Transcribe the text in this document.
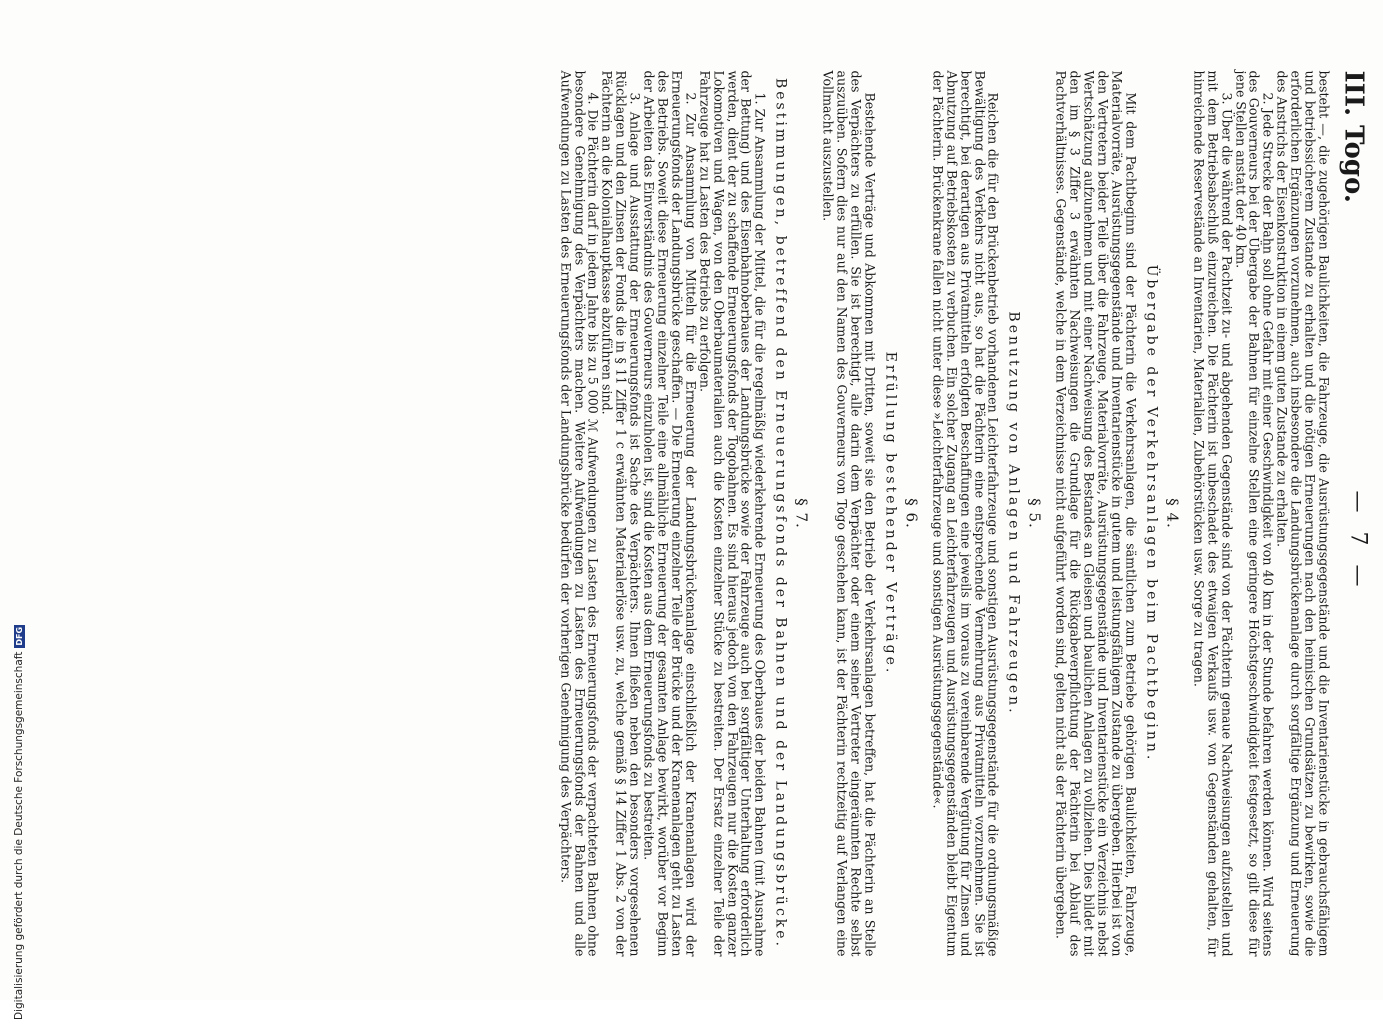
III. Togo.
— 7 —

besteht —, die zugehörigen Baulichkeiten, die Fahrzeuge, die Ausrüstungsgegenstände und die Inventarienstücke in gebrauchsfähigem und betriebssicherem Zustande zu erhalten und die nötigen Erneuerungen nach den heimischen Grundsätzen zu bewirken, sowie die erforderlichen Ergänzungen vorzunehmen, auch insbesondere die Landungsbrückenanlage durch sorgfältige Ergänzung und Erneuerung des Anstrichs der Eisenkonstruktion in einem guten Zustande zu erhalten.

2. Jede Strecke der Bahn soll ohne Gefahr mit einer Geschwindigkeit von 40 km in der Stunde befahren werden können. Wird seitens des Gouverneurs bei der Übergabe der Bahnen für einzelne Stellen eine geringere Höchstgeschwindigkeit festgesetzt, so gilt diese für jene Stellen anstatt der 40 km.

3. Über die während der Pachtzeit zu- und abgehenden Gegenstände sind von der Pächterin genaue Nachweisungen aufzustellen und mit dem Betriebsabschluß einzureichen. Die Pächterin ist unbeschadet des etwaigen Verkaufs usw. von Gegenständen gehalten, für hinreichende Reservestände an Inventarien, Materialien, Zubehörstücken usw. Sorge zu tragen.

§ 4.
Übergabe der Verkehrsanlagen beim Pachtbeginn.

Mit dem Pachtbeginn sind der Pächterin die Verkehrsanlagen, die sämtlichen zum Betriebe gehörigen Baulichkeiten, Fahrzeuge, Materialvorräte, Ausrüstungsgegenstände und Inventarienstücke in gutem und leistungsfähigem Zustande zu übergeben. Hierbei ist von den Vertretern beider Teile über die Fahrzeuge, Materialvorräte, Ausrüstungsgegenstände und Inventarienstücke ein Verzeichnis nebst Wertschätzung aufzunehmen und mit einer Nachweisung des Bestandes an Gleisen und baulichen Anlagen zu vollziehen. Dies bildet mit den im § 3 Ziffer 3 erwähnten Nachweisungen die Grundlage für die Rückgabeverpflichtung der Pächterin bei Ablauf des Pachtverhältnisses. Gegenstände, welche in dem Verzeichnisse nicht aufgeführt worden sind, gelten nicht als der Pächterin übergeben.

§ 5.
Benutzung von Anlagen und Fahrzeugen.

Reichen die für den Brückenbetrieb vorhandenen Leichterfahrzeuge und sonstigen Ausrüstungsgegenstände für die ordnungsmäßige Bewältigung des Verkehrs nicht aus, so hat die Pächterin eine entsprechende Vermehrung aus Privatmitteln vorzunehmen. Sie ist berechtigt, bei derartigen aus Privatmitteln erfolgten Beschaffungen eine jeweils im voraus zu vereinbarende Vergütung für Zinsen und Abnutzung auf Betriebskosten zu verbuchen. Ein solcher Zugang an Leichterfahrzeugen und Ausrüstungsgegenständen bleibt Eigentum der Pächterin. Brückenkrane fallen nicht unter diese »Leichterfahrzeuge und sonstigen Ausrüstungsgegenstände«.

§ 6.
Erfüllung bestehender Verträge.

Bestehende Verträge und Abkommen mit Dritten, soweit sie den Betrieb der Verkehrsanlagen betreffen, hat die Pächterin an Stelle des Verpächters zu erfüllen. Sie ist berechtigt, alle darin dem Verpächter oder einem seiner Vertreter eingeräumten Rechte selbst auszuüben. Sofern dies nur auf den Namen des Gouverneurs von Togo geschehen kann, ist der Pächterin rechtzeitig auf Verlangen eine Vollmacht auszustellen.

§ 7.
Bestimmungen, betreffend den Erneuerungsfonds der Bahnen und der Landungsbrücke.

1. Zur Ansammlung der Mittel, die für die regelmäßig wiederkehrende Erneuerung des Oberbaues der beiden Bahnen (mit Ausnahme der Bettung) und des Eisenbahnoberbaues der Landungsbrücke sowie der Fahrzeuge auch bei sorgfältiger Unterhaltung erforderlich werden, dient der zu schaffende Erneuerungsfonds der Togobahnen. Es sind hieraus jedoch von den Fahrzeugen nur die Kosten ganzer Lokomotiven und Wagen, von den Oberbaumaterialien auch die Kosten einzelner Stücke zu bestreiten. Der Ersatz einzelner Teile der Fahrzeuge hat zu Lasten des Betriebs zu erfolgen.

2. Zur Ansammlung von Mitteln für die Erneuerung der Landungsbrückenanlage einschließlich der Kranenanlagen wird der Erneuerungsfonds der Landungsbrücke geschaffen. — Die Erneuerung einzelner Teile der Brücke und der Kranenanlagen geht zu Lasten des Betriebs. Soweit diese Erneuerung einzelner Teile eine allmähliche Erneuerung der gesamten Anlage bewirkt, worüber vor Beginn der Arbeiten das Einverständnis des Gouverneurs einzuholen ist, sind die Kosten aus dem Erneuerungsfonds zu bestreiten.

3. Anlage und Ausstattung der Erneuerungsfonds ist Sache des Verpächters. Ihnen fließen neben den besonders vorgesehenen Rücklagen und den Zinsen der Fonds die in § 11 Ziffer 1 c erwähnten Materialerlöse usw. zu, welche gemäß § 14 Ziffer 1 Abs. 2 von der Pächterin an die Kolonialhauptkasse abzuführen sind.

4. Die Pächterin darf in jedem Jahre bis zu 5 000 ℳ Aufwendungen zu Lasten des Erneuerungsfonds der verpachteten Bahnen ohne besondere Genehmigung des Verpächters machen. Weitere Aufwendungen zu Lasten des Erneuerungsfonds der Bahnen und alle Aufwendungen zu Lasten des Erneuerungsfonds der Landungsbrücke bedürfen der vorherigen Genehmigung des Verpächters.

Digitalisierung gefördert durch die Deutsche Forschungsgemeinschaft
DFG
